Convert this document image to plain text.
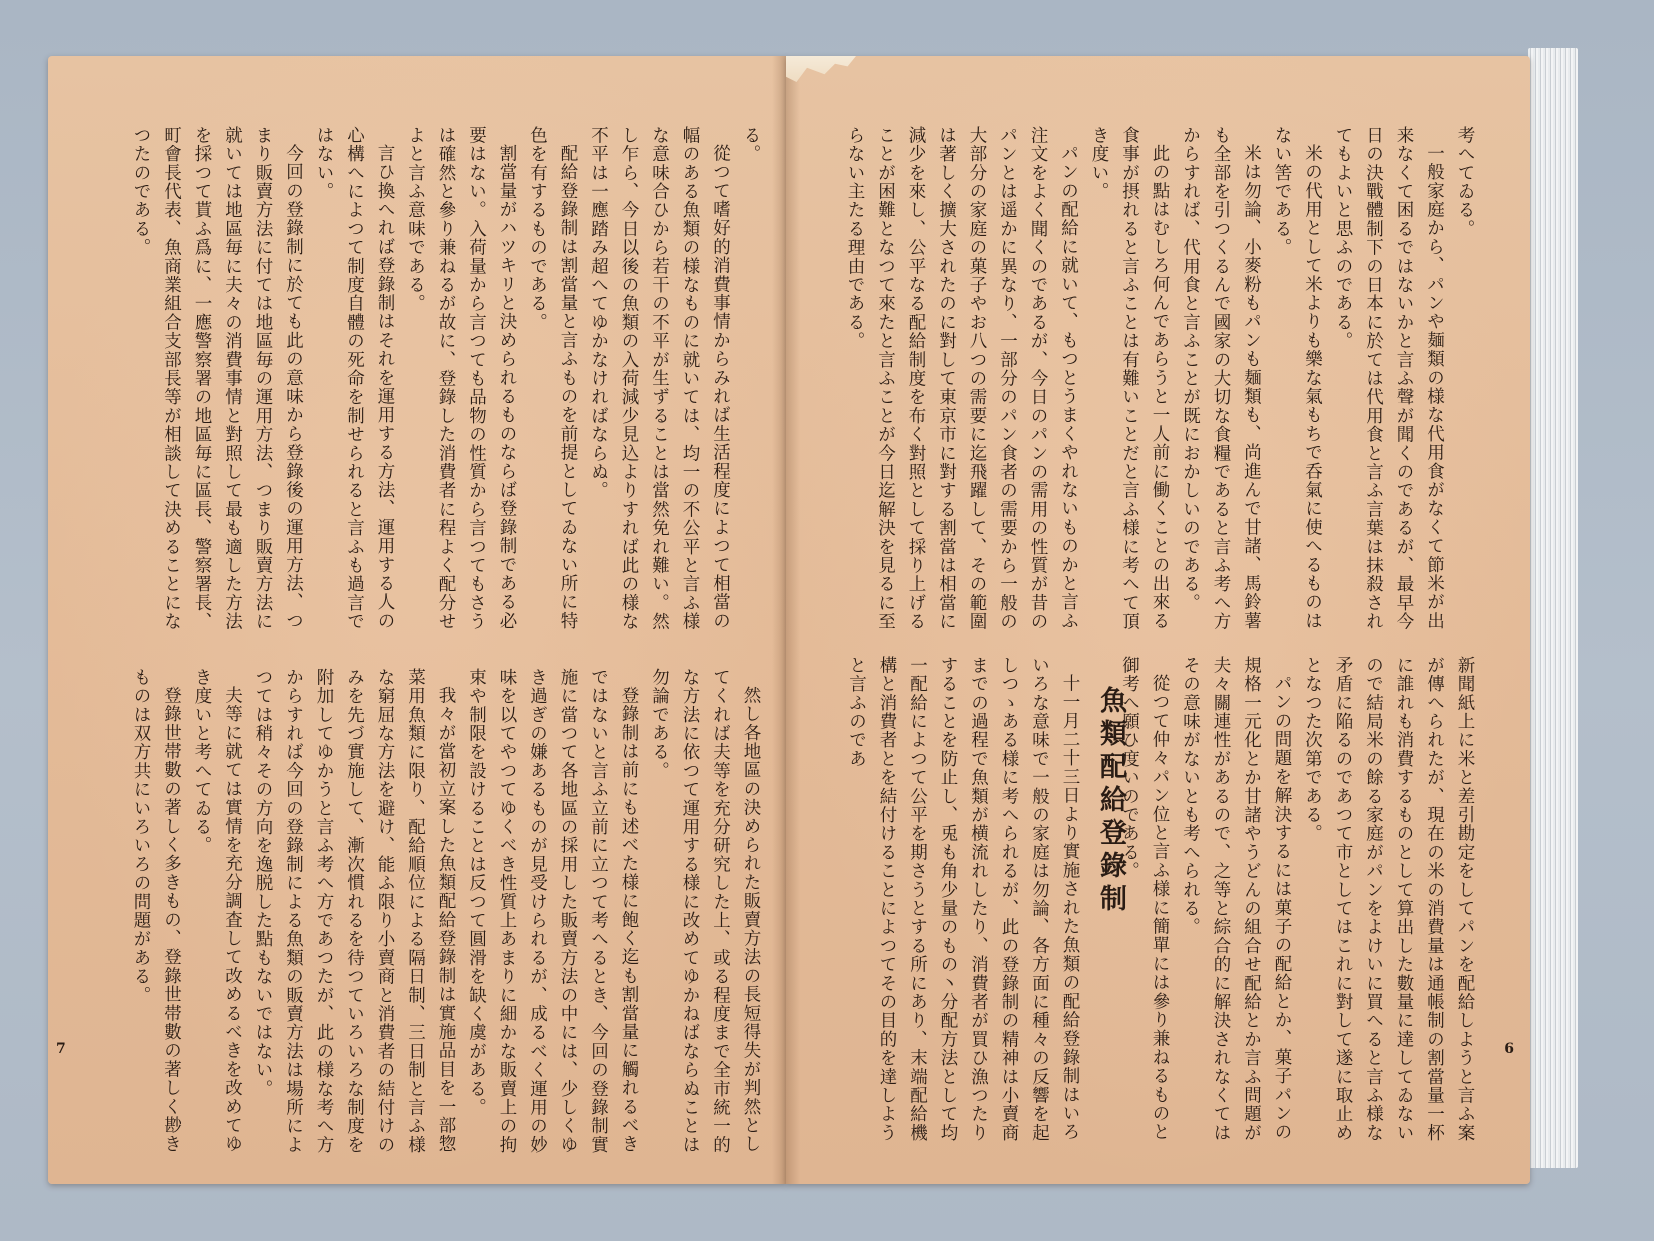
る。

從つて嗜好的消費事情からみれば生活程度によつて相當の幅のある魚類の様なものに就いては、均一の不公平と言ふ様な意味合ひから若干の不平が生ずることは當然免れ難い。然し乍ら、今日以後の魚類の入荷減少見込よりすれば此の様な不平は一應踏み超へてゆかなければならぬ。

配給登錄制は割當量と言ふものを前提としてゐない所に特色を有するものである。

割當量がハツキリと決められるものならば登錄制である必要はない。入荷量から言つても品物の性質から言つてもさうは確然と參り兼ねるが故に、登錄した消費者に程よく配分せよと言ふ意味である。

言ひ換へれば登錄制はそれを運用する方法、運用する人の心構へによつて制度自體の死命を制せられると言ふも過言ではない。

今回の登錄制に於ても此の意味から登錄後の運用方法、つまり販賣方法に付ては地區毎の運用方法、つまり販賣方法に就いては地區毎に夫々の消費事情と對照して最も適した方法を採つて貰ふ爲に、一應警察署の地區毎に區長、警察署長、町會長代表、魚商業組合支部長等が相談して決めることになつたのである。

然し各地區の決められた販賣方法の長短得失が判然としてくれば夫等を充分研究した上、或る程度まで全市統一的な方法に依つて運用する様に改めてゆかねばならぬことは勿論である。

登錄制は前にも述べた様に飽く迄も割當量に觸れるべきではないと言ふ立前に立つて考へるとき、今回の登錄制實施に當つて各地區の採用した販賣方法の中には、少しくゆき過ぎの嫌あるものが見受けられるが、成るべく運用の妙味を以てやつてゆくべき性質上あまりに細かな販賣上の拘束や制限を設けることは反つて圓滑を缺く虞がある。

我々が當初立案した魚類配給登錄制は實施品目を一部惣菜用魚類に限り、配給順位による隔日制、三日制と言ふ様な窮屈な方法を避け、能ふ限り小賣商と消費者の結付けのみを先づ實施して、漸次慣れるを待つていろいろな制度を附加してゆかうと言ふ考へ方であつたが、此の様な考へ方からすれば今回の登錄制による魚類の販賣方法は場所によつては稍々その方向を逸脱した點もないではない。

夫等に就ては實情を充分調査して改めるべきを改めてゆき度いと考へてゐる。

登錄世帯數の著しく多きもの、登錄世帯數の著しく尠きものは双方共にいろいろの問題がある。

7

考へてゐる。

一般家庭から、パンや麺類の様な代用食がなくて節米が出来なくて困るではないかと言ふ聲が聞くのであるが、最早今日の決戰體制下の日本に於ては代用食と言ふ言葉は抹殺されてもよいと思ふのである。

米の代用として米よりも樂な氣もちで呑氣に使へるものはない筈である。

米は勿論、小麥粉もパンも麺類も、尚進んで甘諸、馬鈴薯も全部を引つくるんで國家の大切な食糧であると言ふ考へ方からすれば、代用食と言ふことが既におかしいのである。

此の點はむしろ何んであらうと一人前に働くことの出來る食事が摂れると言ふことは有難いことだと言ふ様に考へて頂き度い。

パンの配給に就いて、もつとうまくやれないものかと言ふ注文をよく聞くのであるが、今日のパンの需用の性質が昔のパンとは遥かに異なり、一部分のパン食者の需要から一般の大部分の家庭の菓子やお八つの需要に迄飛躍して、その範圍は著しく擴大されたのに對して東京市に對する割當は相當に減少を來し、公平なる配給制度を布く對照として採り上げることが困難となつて來たと言ふことが今日迄解決を見るに至らない主たる理由である。

新聞紙上に米と差引勘定をしてパンを配給しようと言ふ案が傳へられたが、現在の米の消費量は通帳制の割當量一杯に誰れも消費するものとして算出した數量に達してゐないので結局米の餘る家庭がパンをよけいに買へると言ふ様な矛盾に陥るのであつて市としてはこれに對して遂に取止めとなつた次第である。

パンの問題を解決するには菓子の配給とか、菓子パンの規格一元化とか甘諸やうどんの組合せ配給とか言ふ問題が夫々關連性があるので、之等と綜合的に解決されなくてはその意味がないとも考へられる。

從つて仲々パン位と言ふ様に簡單には參り兼ねるものと御考へ願ひ度いのである。

魚類配給登錄制

十一月二十三日より實施された魚類の配給登錄制はいろいろな意味で一般の家庭は勿論、各方面に種々の反響を起しつゝある様に考へられるが、此の登錄制の精神は小賣商までの過程で魚類が横流れしたり、消費者が買ひ漁つたりすることを防止し、兎も角少量のもの丶分配方法として均一配給によつて公平を期さうとする所にあり、末端配給機構と消費者とを結付けることによつてその目的を達しようと言ふのであ

6
